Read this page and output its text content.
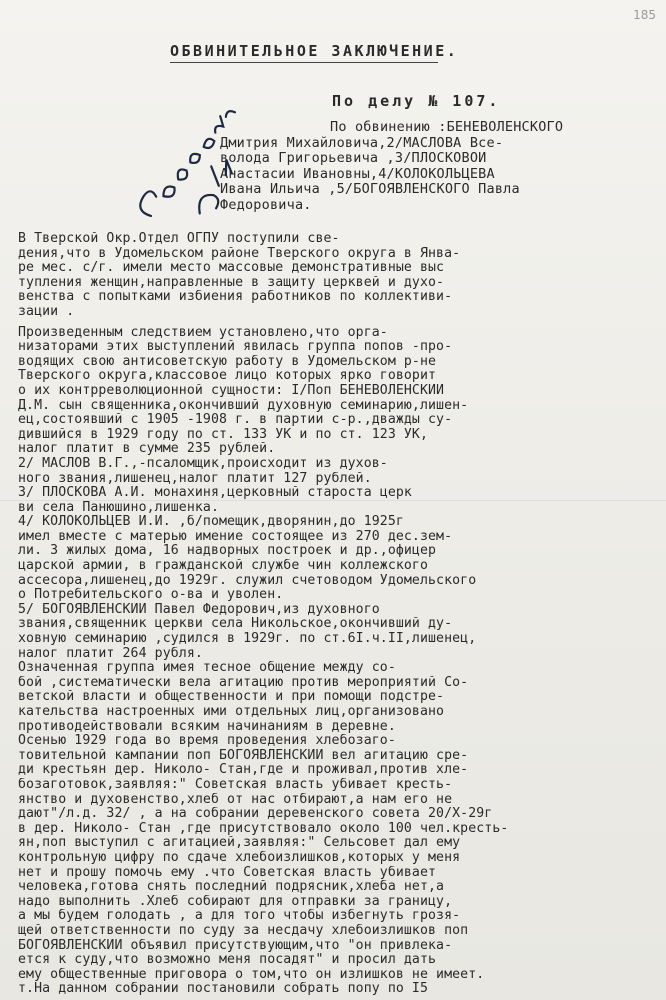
185
ОБВИНИТЕЛЬНОЕ ЗАКЛЮЧЕНИЕ.
По делу № 107.
По обвинению :БЕНЕВОЛЕНСКОГО
Дмитрия Михайловича,2/МАСЛОВА Все-
волода Григорьевича ,3/ПЛОСКОВОЙ
Анастасии Ивановны,4/КОЛОКОЛЬЦЕВА
Ивана Ильича ,5/БОГОЯВЛЕНСКОГО Павла
Федоровича.
Согласен 16/II
В Тверской Окр.Отдел ОГПУ поступили све-
дения,что в Удомельском районе Тверского округа в Янва-
ре мес. с/г. имели место массовые демонстративные выс
тупления женщин,направленные в защиту церквей и духо-
венства с попытками избиения работников по коллективи-
зации .
Произведенным следствием установлено,что орга-
низаторами этих выступлений явилась группа попов -про-
водящих свою антисоветскую работу в Удомельском р-не
Тверского округа,классовое лицо которых ярко говорит
о их контрреволюционной сущности: I/Поп БЕНЕВОЛЕНСКИЙ
Д.М. сын священника,окончивший духовную семинарию,лишен-
ец,состоявший с 1905 -1908 г. в партии с-р.,дважды су-
дившийся в 1929 году по ст. 133 УК и по ст. 123 УК,
налог платит в сумме 235 рублей.
2/ МАСЛОВ В.Г.,-псаломщик,происходит из духов-
ного звания,лишенец,налог платит 127 рублей.
3/ ПЛОСКОВА А.И. монахиня,церковный староста церк
ви села Панюшино,лишенка.
4/ КОЛОКОЛЬЦЕВ И.И. ,б/помещик,дворянин,до 1925г
имел вместе с матерью имение состоящее из 270 дес.зем-
ли. 3 жилых дома, 16 надворных построек и др.,офицер
царской армии, в гражданской службе чин коллежского
ассесора,лишенец,до 1929г. служил счетоводом Удомельского
о Потребительского о-ва и уволен.
5/ БОГОЯВЛЕНСКИЙ Павел Федорович,из духовного
звания,священник церкви села Никольское,окончивший ду-
ховную семинарию ,судился в 1929г. по ст.6I.ч.II,лишенец,
налог платит 264 рубля.
Означенная группа имея тесное общение между со-
бой ,систематически вела агитацию против мероприятий Со-
ветской власти и общественности и при помощи подстре-
кательства настроенных ими отдельных лиц,организовано
противодействовали всяким начинаниям в деревне.
Осенью 1929 года во время проведения хлебозаго-
товительной кампании поп БОГОЯВЛЕНСКИЙ вел агитацию сре-
ди крестьян дер. Николо- Стан,где и проживал,против хле-
бозаготовок,заявляя:" Советская власть убивает кресть-
янство и духовенство,хлеб от нас отбирают,а нам его не
дают"/л.д. 32/ , а на собрании деревенского совета 20/X-29г
в дер. Николо- Стан ,где присутствовало около 100 чел.кресть-
ян,поп выступил с агитацией,заявляя:" Сельсовет дал ему
контрольную цифру по сдаче хлебоизлишков,которых у меня
нет и прошу помочь ему .что Советская власть убивает
человека,готова снять последний подрясник,хлеба нет,а
надо выполнить .Хлеб собирают для отправки за границу,
а мы будем голодать , а для того чтобы избегнуть грозя-
щей ответственности по суду за несдачу хлебоизлишков поп
БОГОЯВЛЕНСКИЙ объявил присутствующим,что "он привлека-
ется к суду,что возможно меня посадят" и просил дать
ему общественные приговора о том,что он излишков не имеет.
т.На данном собрании постановили собрать попу по I5
